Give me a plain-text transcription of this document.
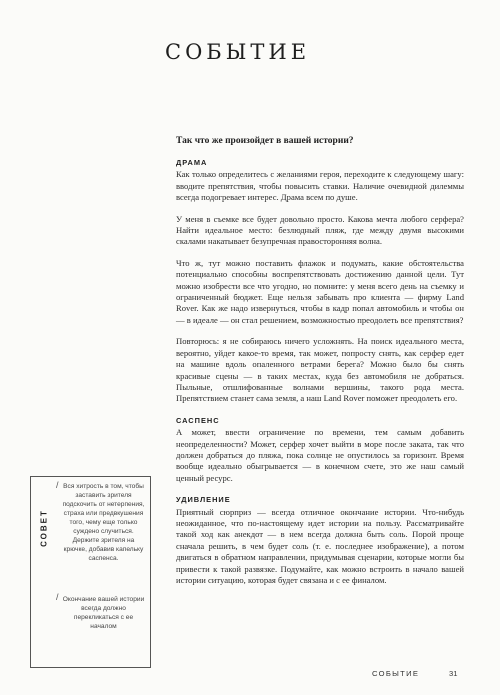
СОБЫТИЕ

Так что же произойдет в вашей истории?

ДРАМА

Как только определитесь с желаниями героя, переходите к следующему шагу: вводите препятствия, чтобы повысить ставки. Наличие очевидной дилеммы всегда подогревает интерес. Драма всем по душе.

У меня в съемке все будет довольно просто. Какова мечта любого серфера? Найти идеальное место: безлюдный пляж, где между двумя высокими скалами накатывает безупречная правосторонняя волна.

Что ж, тут можно поставить флажок и подумать, какие обстоятельства потенциально способны воспрепятствовать достижению данной цели. Тут можно изобрести все что угодно, но помните: у меня всего день на съемку и ограниченный бюджет. Еще нельзя забывать про клиента — фирму Land Rover. Как же надо извернуться, чтобы в кадр попал автомобиль и чтобы он — в идеале — он стал решением, возможностью преодолеть все препятствия?

Повторюсь: я не собираюсь ничего усложнять. На поиск идеального места, вероятно, уйдет какое-то время, так может, попросту снять, как серфер едет на машине вдоль опаленного ветрами берега? Можно было бы снять красивые сцены — в таких местах, куда без автомобиля не добраться. Пыльные, отшлифованные волнами вершины, такого рода места. Препятствием станет сама земля, а наш Land Rover поможет преодолеть его.

САСПЕНС

А может, ввести ограничение по времени, тем самым добавить неопределенности? Может, серфер хочет выйти в море после заката, так что должен добраться до пляжа, пока солнце не опустилось за горизонт. Время вообще идеально обыгрывается — в конечном счете, это же наш самый ценный ресурс.

УДИВЛЕНИЕ

Приятный сюрприз — всегда отличное окончание истории. Что-нибудь неожиданное, что по-настоящему идет истории на пользу. Рассматривайте такой ход как анекдот — в нем всегда должна быть соль. Порой проще сначала решить, в чем будет соль (т. е. последнее изображение), а потом двигаться в обратном направлении, придумывая сценарии, которые могли бы привести к такой развязке. Подумайте, как можно встроить в начало вашей истории ситуацию, которая будет связана и с ее финалом.

СОВЕТ
/ Вся хитрость в том, чтобы заставить зрителя подскочить от нетерпения, страха или предвкушения того, чему еще только суждено случиться. Держите зрителя на крючке, добавив капельку саспенса.
/ Окончание вашей истории всегда должно перекликаться с ее началом
СОБЫТИЕ	31
